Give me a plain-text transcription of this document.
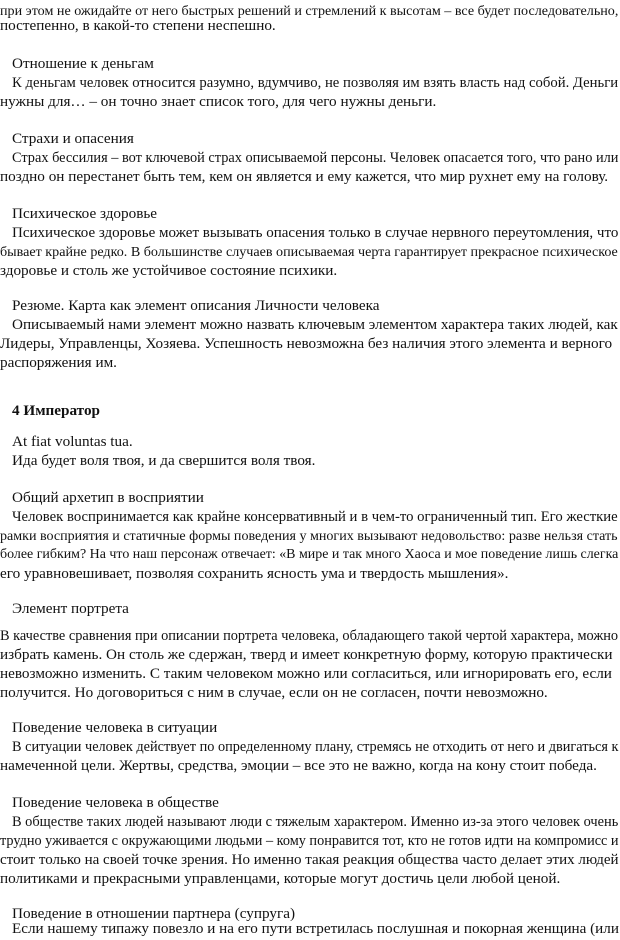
при этом не ожидайте от него быстрых решений и стремлений к высотам – все будет последовательно,

постепенно, в какой-то степени неспешно.

Отношение к деньгам

К деньгам человек относится разумно, вдумчиво, не позволяя им взять власть над собой. Деньги

нужны для… – он точно знает список того, для чего нужны деньги.

Страхи и опасения

Страх бессилия – вот ключевой страх описываемой персоны. Человек опасается того, что рано или

поздно он перестанет быть тем, кем он является и ему кажется, что мир рухнет ему на голову.

Психическое здоровье

Психическое здоровье может вызывать опасения только в случае нервного переутомления, что

бывает крайне редко. В большинстве случаев описываемая черта гарантирует прекрасное психическое

здоровье и столь же устойчивое состояние психики.

Резюме. Карта как элемент описания Личности человека

Описываемый нами элемент можно назвать ключевым элементом характера таких людей, как

Лидеры, Управленцы, Хозяева. Успешность невозможна без наличия этого элемента и верного

распоряжения им.

4 Император

At fiat voluntas tua.

Ида будет воля твоя, и да свершится воля твоя.

Общий архетип в восприятии

Человек воспринимается как крайне консервативный и в чем-то ограниченный тип. Его жесткие

рамки восприятия и статичные формы поведения у многих вызывают недовольство: разве нельзя стать

более гибким? На что наш персонаж отвечает: «В мире и так много Хаоса и мое поведение лишь слегка

его уравновешивает, позволяя сохранить ясность ума и твердость мышления».

Элемент портрета

В качестве сравнения при описании портрета человека, обладающего такой чертой характера, можно

избрать камень. Он столь же сдержан, тверд и имеет конкретную форму, которую практически

невозможно изменить. С таким человеком можно или согласиться, или игнорировать его, если

получится. Но договориться с ним в случае, если он не согласен, почти невозможно.

Поведение человека в ситуации

В ситуации человек действует по определенному плану, стремясь не отходить от него и двигаться к

намеченной цели. Жертвы, средства, эмоции – все это не важно, когда на кону стоит победа.

Поведение человека в обществе

В обществе таких людей называют люди с тяжелым характером. Именно из-за этого человек очень

трудно уживается с окружающими людьми – кому понравится тот, кто не готов идти на компромисс и

стоит только на своей точке зрения. Но именно такая реакция общества часто делает этих людей

политиками и прекрасными управленцами, которые могут достичь цели любой ценой.

Поведение в отношении партнера (супруга)

Если нашему типажу повезло и на его пути встретилась послушная и покорная женщина (или
